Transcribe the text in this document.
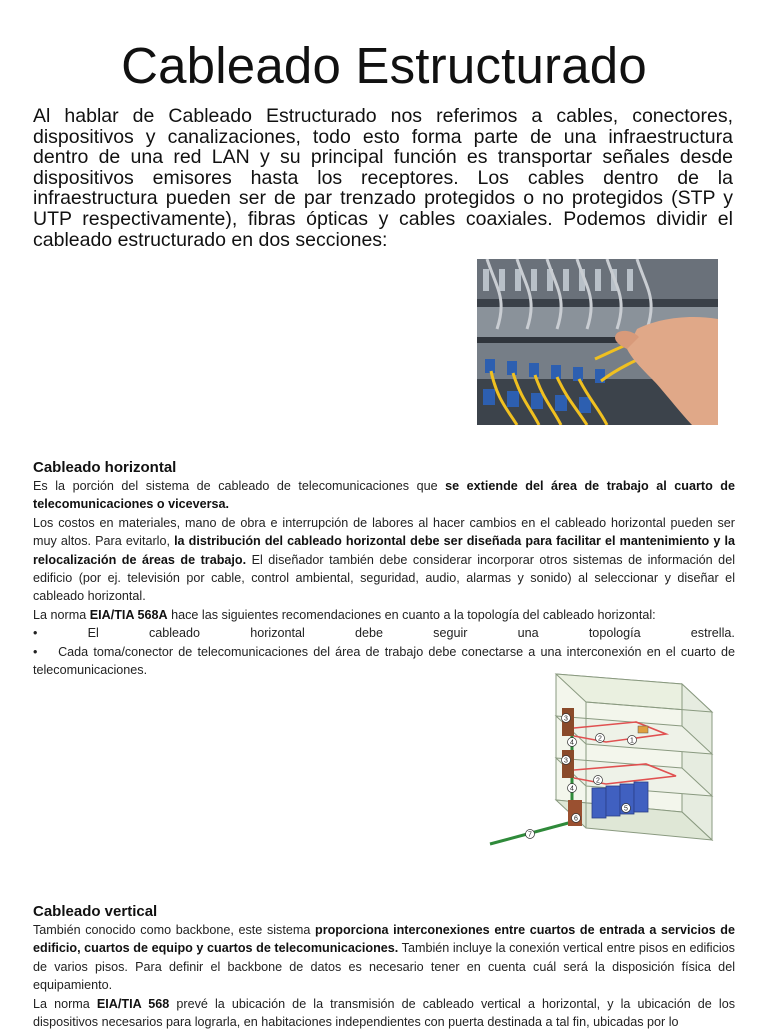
Cableado Estructurado
Al hablar de Cableado Estructurado nos referimos a cables, conectores, dispositivos y canalizaciones, todo esto forma parte de una infraestructura dentro de una red LAN y su principal función es transportar señales desde dispositivos emisores hasta los receptores. Los cables dentro de la infraestructura pueden ser de par trenzado protegidos o no protegidos (STP y UTP respectivamente), fibras ópticas y cables coaxiales. Podemos dividir el cableado estructurado en dos secciones:
Cableado horizontal

Es la porción del sistema de cableado de telecomunicaciones que se extiende del área de trabajo al cuarto de telecomunicaciones o viceversa.

Los costos en materiales, mano de obra e interrupción de labores al hacer cambios en el cableado horizontal pueden ser muy altos. Para evitarlo, la distribución del cableado horizontal debe ser diseñada para facilitar el mantenimiento y la relocalización de áreas de trabajo. El diseñador también debe considerar incorporar otros sistemas de información del edificio (por ej. televisión por cable, control ambiental, seguridad, audio, alarmas y sonido) al seleccionar y diseñar el cableado horizontal.

La norma EIA/TIA 568A hace las siguientes recomendaciones en cuanto a la topología del cableado horizontal:

•	El	cableado	horizontal	debe	seguir	una	topología	estrella.

• Cada toma/conector de telecomunicaciones del área de trabajo debe conectarse a una interconexión en el cuarto de telecomunicaciones.

3
2	1
4
3
2
4
5
6
7
Cableado vertical

También conocido como backbone, este sistema proporciona interconexiones entre cuartos de entrada a servicios de edificio, cuartos de equipo y cuartos de telecomunicaciones. También incluye la conexión vertical entre pisos en edificios de varios pisos. Para definir el backbone de datos es necesario tener en cuenta cuál será la disposición física del equipamiento.

La norma EIA/TIA 568 prevé la ubicación de la transmisión de cableado vertical a horizontal, y la ubicación de los dispositivos necesarios para lograrla, en habitaciones independientes con puerta destinada a tal fin, ubicadas por lo
